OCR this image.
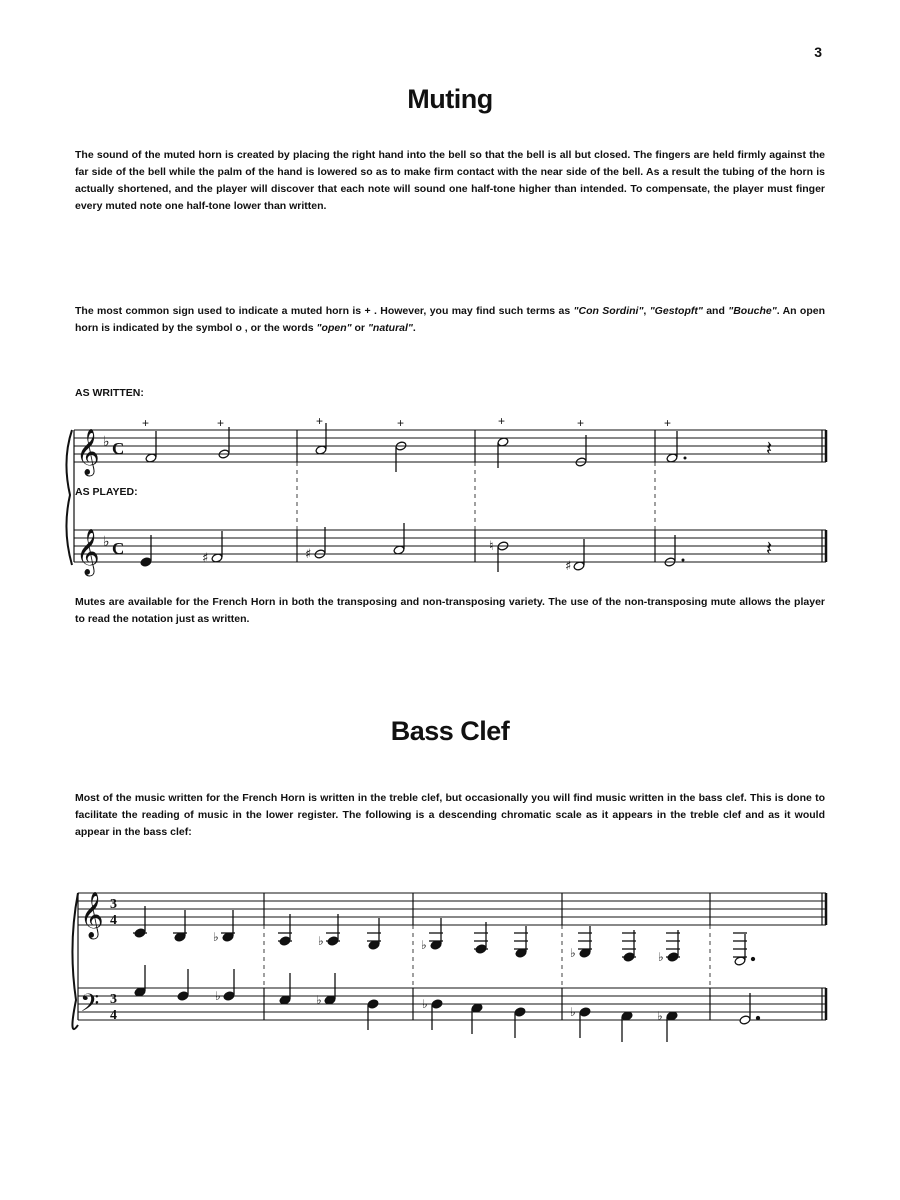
3
Muting
The sound of the muted horn is created by placing the right hand into the bell so that the bell is all but closed. The fingers are held firmly against the far side of the bell while the palm of the hand is lowered so as to make firm contact with the near side of the bell. As a result the tubing of the horn is actually shortened, and the player will discover that each note will sound one half-tone higher than intended. To compensate, the player must finger every muted note one half-tone lower than written.
The most common sign used to indicate a muted horn is + . However, you may find such terms as "Con Sordini", "Gestopft" and "Bouche". An open horn is indicated by the symbol o , or the words "open" or "natural".
AS WRITTEN:
AS PLAYED:
Mutes are available for the French Horn in both the transposing and non-transposing variety. The use of the non-transposing mute allows the player to read the notation just as written.
Bass Clef
Most of the music written for the French Horn is written in the treble clef, but occasionally you will find music written in the bass clef. This is done to facilitate the reading of music in the lower register. The following is a descending chromatic scale as it appears in the treble clef and as it would appear in the bass clef:
𝄞 ♭ C
𝄞 ♭ C
+	+	+	+	+	+	+
𝄽
♯	♯
♮
♯
𝄽
𝄞 3
4
𝄢 3
4
♭	♭	♭
♭	♭
♭	♭	♭
♭	♭
